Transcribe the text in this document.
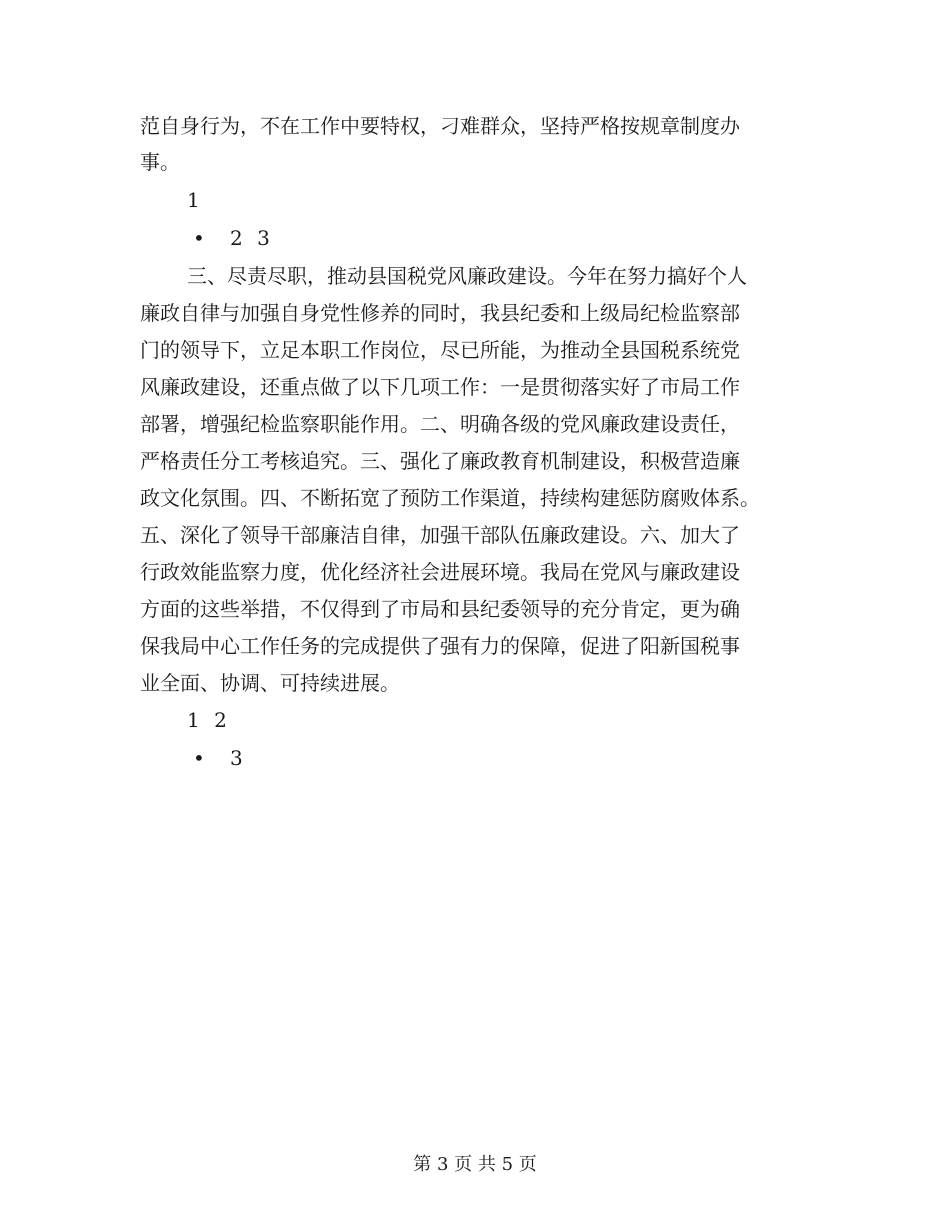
范自身行为，不在工作中要特权，刁难群众，坚持严格按规章制度办
事。
1
• 2 3
三、尽责尽职，推动县国税党风廉政建设。今年在努力搞好个人
廉政自律与加强自身党性修养的同时，我县纪委和上级局纪检监察部
门的领导下，立足本职工作岗位，尽已所能，为推动全县国税系统党
风廉政建设，还重点做了以下几项工作：一是贯彻落实好了市局工作
部署，增强纪检监察职能作用。二、明确各级的党风廉政建设责任，
严格责任分工考核追究。三、强化了廉政教育机制建设，积极营造廉
政文化氛围。四、不断拓宽了预防工作渠道，持续构建惩防腐败体系。
五、深化了领导干部廉洁自律，加强干部队伍廉政建设。六、加大了
行政效能监察力度，优化经济社会进展环境。我局在党风与廉政建设
方面的这些举措，不仅得到了市局和县纪委领导的充分肯定，更为确
保我局中心工作任务的完成提供了强有力的保障，促进了阳新国税事
业全面、协调、可持续进展。
1 2
• 3
第 3 页 共 5 页
